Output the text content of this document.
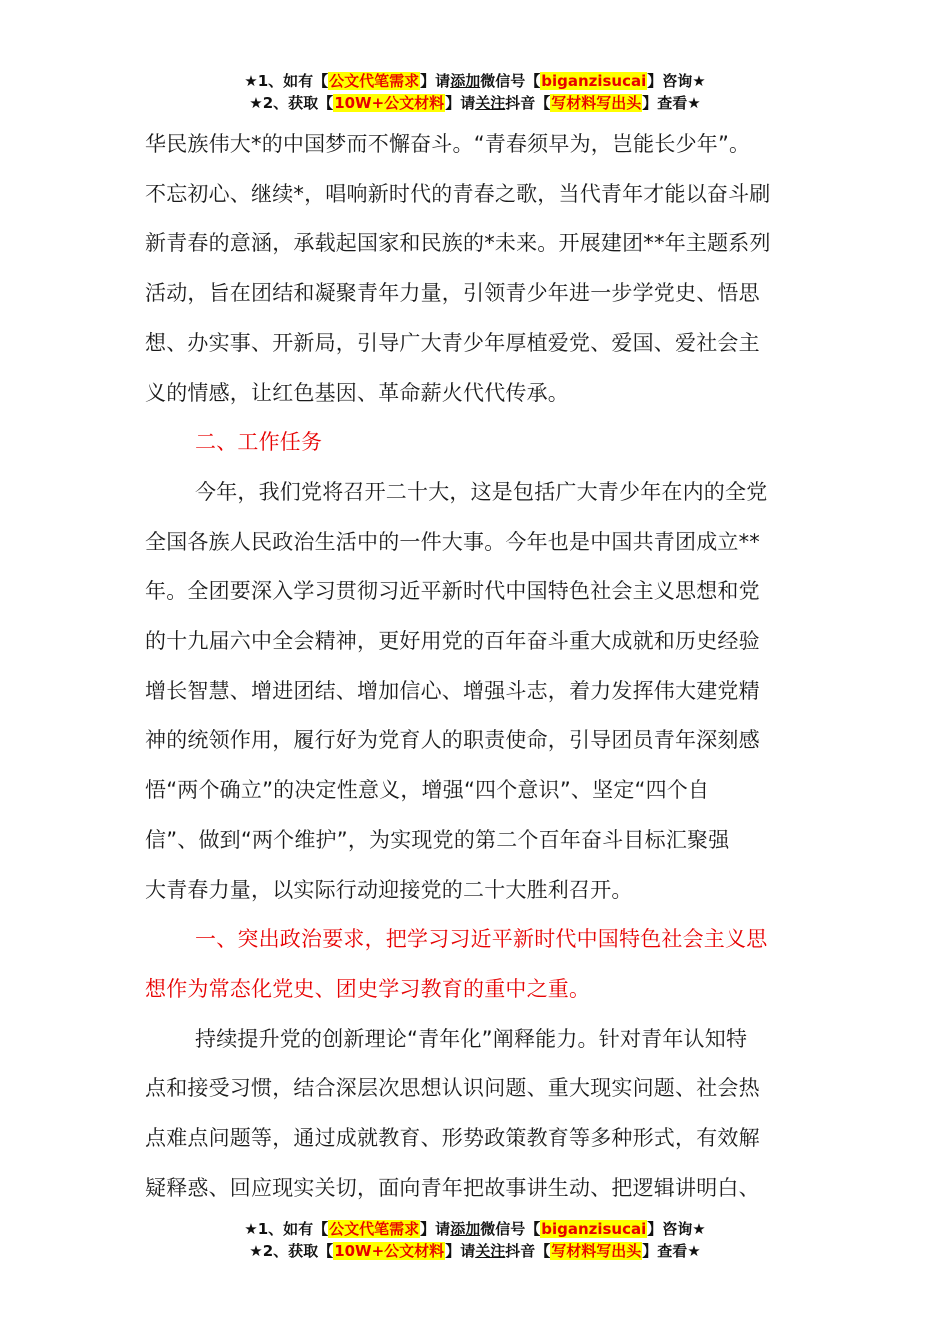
★1、如有【公文代笔需求】请添加微信号【biganzisucai】咨询★
★2、获取【10W+公文材料】请关注抖音【写材料写出头】查看★

华民族伟大*的中国梦而不懈奋斗。“青春须早为，岂能长少年”。
不忘初心、继续*，唱响新时代的青春之歌，当代青年才能以奋斗刷
新青春的意涵，承载起国家和民族的*未来。开展建团**年主题系列
活动，旨在团结和凝聚青年力量，引领青少年进一步学党史、悟思
想、办实事、开新局，引导广大青少年厚植爱党、爱国、爱社会主
义的情感，让红色基因、革命薪火代代传承。

二、工作任务

今年，我们党将召开二十大，这是包括广大青少年在内的全党
全国各族人民政治生活中的一件大事。今年也是中国共青团成立**
年。全团要深入学习贯彻习近平新时代中国特色社会主义思想和党
的十九届六中全会精神，更好用党的百年奋斗重大成就和历史经验
增长智慧、增进团结、增加信心、增强斗志，着力发挥伟大建党精
神的统领作用，履行好为党育人的职责使命，引导团员青年深刻感
悟“两个确立”的决定性意义，增强“四个意识”、坚定“四个自
信”、做到“两个维护”，为实现党的第二个百年奋斗目标汇聚强
大青春力量，以实际行动迎接党的二十大胜利召开。

一、突出政治要求，把学习习近平新时代中国特色社会主义思
想作为常态化党史、团史学习教育的重中之重。

持续提升党的创新理论“青年化”阐释能力。针对青年认知特
点和接受习惯，结合深层次思想认识问题、重大现实问题、社会热
点难点问题等，通过成就教育、形势政策教育等多种形式，有效解
疑释惑、回应现实关切，面向青年把故事讲生动、把逻辑讲明白、

★1、如有【公文代笔需求】请添加微信号【biganzisucai】咨询★
★2、获取【10W+公文材料】请关注抖音【写材料写出头】查看★
